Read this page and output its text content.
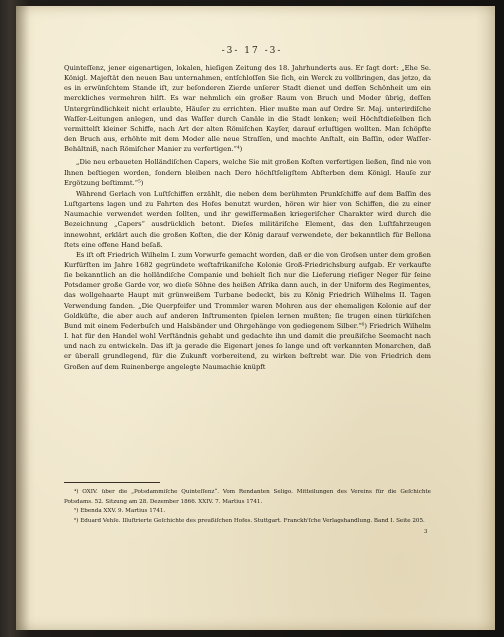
-3- 17 -3-

Quinteſſenz, jener eigenartigen, lokalen, hieſigen Zeitung des 18. Jahrhunderts aus. Er ſagt dort: „Ehe Se. Königl. Majeſtät den neuen Bau unternahmen, entſchloſſen Sie ſich, ein Werck zu vollbringen, das jetzo, da es in erwünſchtem Stande iſt, zur beſonderen Zierde unſerer Stadt dienet und deſſen Schönheit um ein merckliches vermehren hilft. Es war nehmlich ein großer Raum von Bruch und Moder übrig, deſſen Untergründlichkeit nicht erlaubte, Häuſer zu errichten. Hier mußte man auf Ordre Sr. Maj. unterirdiſche Waſſer-Leitungen anlegen, und das Waſſer durch Canäle in die Stadt lenken; weil Höchſtdieſelben ſich vermittelſt kleiner Schiffe, nach Art der alten Römiſchen Kayſer, darauf erluſtigen wollten. Man ſchöpfte den Bruch aus, erhöhte mit dem Moder alle neue Straſſen, und machte Anſtalt, ein Baſſin, oder Waſſer-Behältniß, nach Römiſcher Manier zu verfertigen.“⁴)

„Die neu erbaueten Holländiſchen Capers, welche Sie mit großen Koſten verfertigen ließen, ſind nie von Ihnen beſtiegen worden, ſondern bleiben nach Dero höchſtſeligſtem Abſterben dem Königl. Hauſe zur Ergötzung beſtimmt.“⁵)

Während Gerlach von Luſtſchiffen erzählt, die neben dem berühmten Prunkſchiffe auf dem Baſſin des Luſtgartens lagen und zu Fahrten des Hofes benutzt wurden, hören wir hier von Schiffen, die zu einer Naumachie verwendet werden ſollten, und ihr gewiſſermaßen kriegeriſcher Charakter wird durch die Bezeichnung „Capers“ ausdrücklich betont. Dieſes militäriſche Element, das den Luſtfahrzeugen innewohnt, erklärt auch die großen Koſten, die der König darauf verwendete, der bekanntlich für Bellona ſtets eine offene Hand beſaß.

Es iſt oft Friedrich Wilhelm I. zum Vorwurfe gemacht worden, daß er die von Groſsen unter dem großen Kurfürſten im Jahre 1682 gegründete weſtafrikaniſche Kolonie Groß-Friedrichsburg aufgab. Er verkaufte ſie bekanntlich an die holländiſche Companie und behielt ſich nur die Lieferung rieſiger Neger für ſeine Potsdamer große Garde vor, wo dieſe Söhne des heißen Afrika dann auch, in der Uniform des Regimentes, das wollgehaarte Haupt mit grünweißem Turbane bedeckt, bis zu König Friedrich Wilhelms II. Tagen Verwendung fanden. „Die Querpfeifer und Trommler waren Mohren aus der ehemaligen Kolonie auf der Goldküſte, die aber auch auf anderen Inſtrumenten ſpielen lernen mußten; ſie trugen einen türkiſchen Bund mit einem Federbuſch und Halsbänder und Ohrgehänge von gediegenem Silber.“⁶) Friedrich Wilhelm I. hat für den Handel wohl Verſtändnis gehabt und gedachte ihn und damit die preußiſche Seemacht nach und nach zu entwickeln. Das iſt ja gerade die Eigenart jenes ſo lange und oft verkannten Monarchen, daß er überall grundlegend, für die Zukunft vorbereitend, zu wirken beſtrebt war. Die von Friedrich dem Großen auf dem Ruinenberge angelegte Naumachie knüpft

⁴) OXIV. über die „Potsdammiſche Quinteſſenz“. Vom Rendanten Seligo. Mitteilungen des Vereins für die Geſchichte Potsdams. 52. Sitzung am 28. Dezember 1866. XXIV. 7. Martius 1741.

⁵) Ebenda XXV. 9. Martius 1741.

⁶) Eduard Vehſe. Illuſtrierte Geſchichte des preußiſchen Hofes. Stuttgart. Franckh'ſche Verlagshandlung. Band I. Seite 205.

3
